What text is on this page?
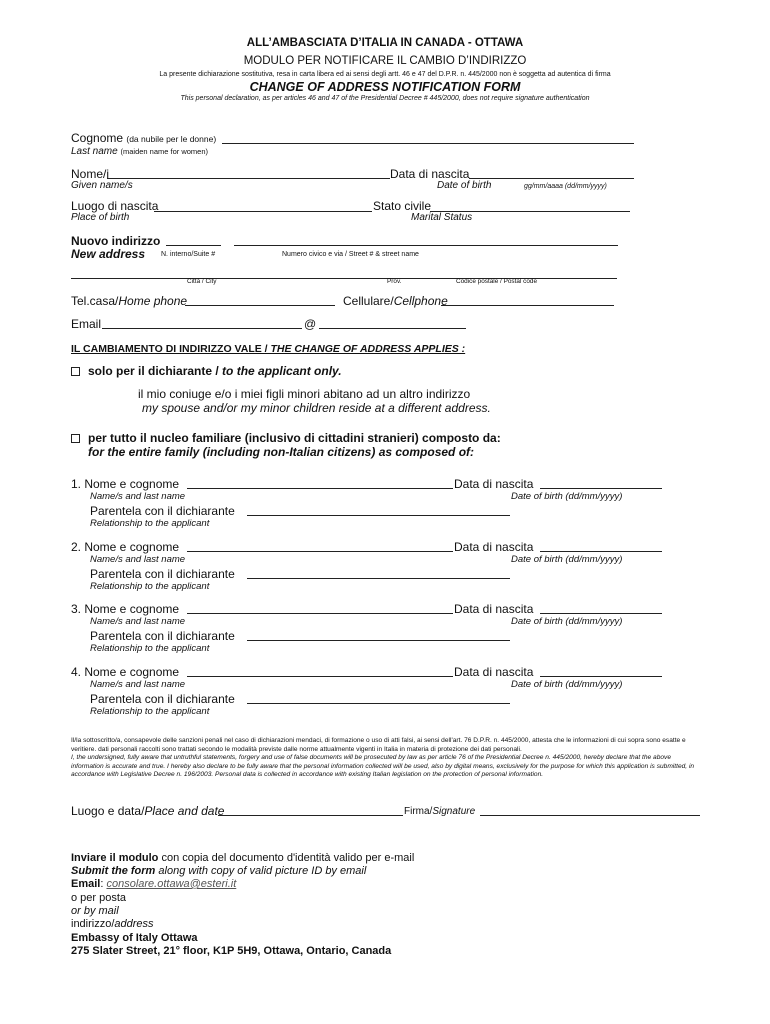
ALL’AMBASCIATA D’ITALIA IN CANADA - OTTAWA
MODULO PER NOTIFICARE IL CAMBIO D’INDIRIZZO
La presente dichiarazione sostitutiva, resa in carta libera ed ai sensi degli artt. 46 e 47 del D.P.R. n. 445/2000 non è soggetta ad autentica di firma
CHANGE OF ADDRESS NOTIFICATION FORM
This personal declaration, as per articles 46 and 47 of the Presidential Decree # 445/2000, does not require signature authentication
Cognome (da nubile per le donne)
Last name (maiden name for women)
Nome/i	Data di nascita
Given name/s	Date of birth	gg/mm/aaaa (dd/mm/yyyy)
Luogo di nascita	Stato civile
Place of birth	Marital Status
Nuovo indirizzo
New address N. interno/Suite #	Numero civico e via / Street # & street name
Città / City	Prov.	Codice postale / Postal code
Tel.casa/Home phone	Cellulare/Cellphone
Email	@
IL CAMBIAMENTO DI INDIRIZZO VALE / THE CHANGE OF ADDRESS APPLIES :
solo per il dichiarante / to the applicant only.
il mio coniuge e/o i miei figli minori abitano ad un altro indirizzo
my spouse and/or my minor children reside at a different address.
per tutto il nucleo familiare (inclusivo di cittadini stranieri) composto da:
for the entire family (including non-Italian citizens) as composed of:
1. Nome e cognome	Data di nascita
Name/s and last name	Date of birth (dd/mm/yyyy)
Parentela con il dichiarante
Relationship to the applicant
2. Nome e cognome	Data di nascita
Name/s and last name	Date of birth (dd/mm/yyyy)
Parentela con il dichiarante
Relationship to the applicant
3. Nome e cognome	Data di nascita
Name/s and last name	Date of birth (dd/mm/yyyy)
Parentela con il dichiarante
Relationship to the applicant
4. Nome e cognome	Data di nascita
Name/s and last name	Date of birth (dd/mm/yyyy)
Parentela con il dichiarante
Relationship to the applicant
Il/la sottoscritto/a, consapevole delle sanzioni penali nel caso di dichiarazioni mendaci, di formazione o uso di atti falsi, ai sensi dell'art. 76 D.P.R. n. 445/2000, attesta che le informazioni di cui sopra sono esatte e veritiere. dati personali raccolti sono trattati secondo le modalità previste dalle norme attualmente vigenti in Italia in materia di protezione dei dati personali.
I, the undersigned, fully aware that untruthful statements, forgery and use of false documents will be prosecuted by law as per article 76 of the Presidential Decree n. 445/2000, hereby declare that the above information is accurate and true. I hereby also declare to be fully aware that the personal information collected will be used, also by digital means, exclusively for the purpose for which this application is submitted, in accordance with Legislative Decree n. 196/2003. Personal data is collected in accordance with existing Italian legislation on the protection of personal information.
Luogo e data/Place and date	Firma/Signature
Inviare il modulo con copia del documento d'identità valido per e-mail
Submit the form along with copy of valid picture ID by email
Email: consolare.ottawa@esteri.it
o per posta
or by mail
indirizzo/address
Embassy of Italy Ottawa
275 Slater Street, 21° floor, K1P 5H9, Ottawa, Ontario, Canada
